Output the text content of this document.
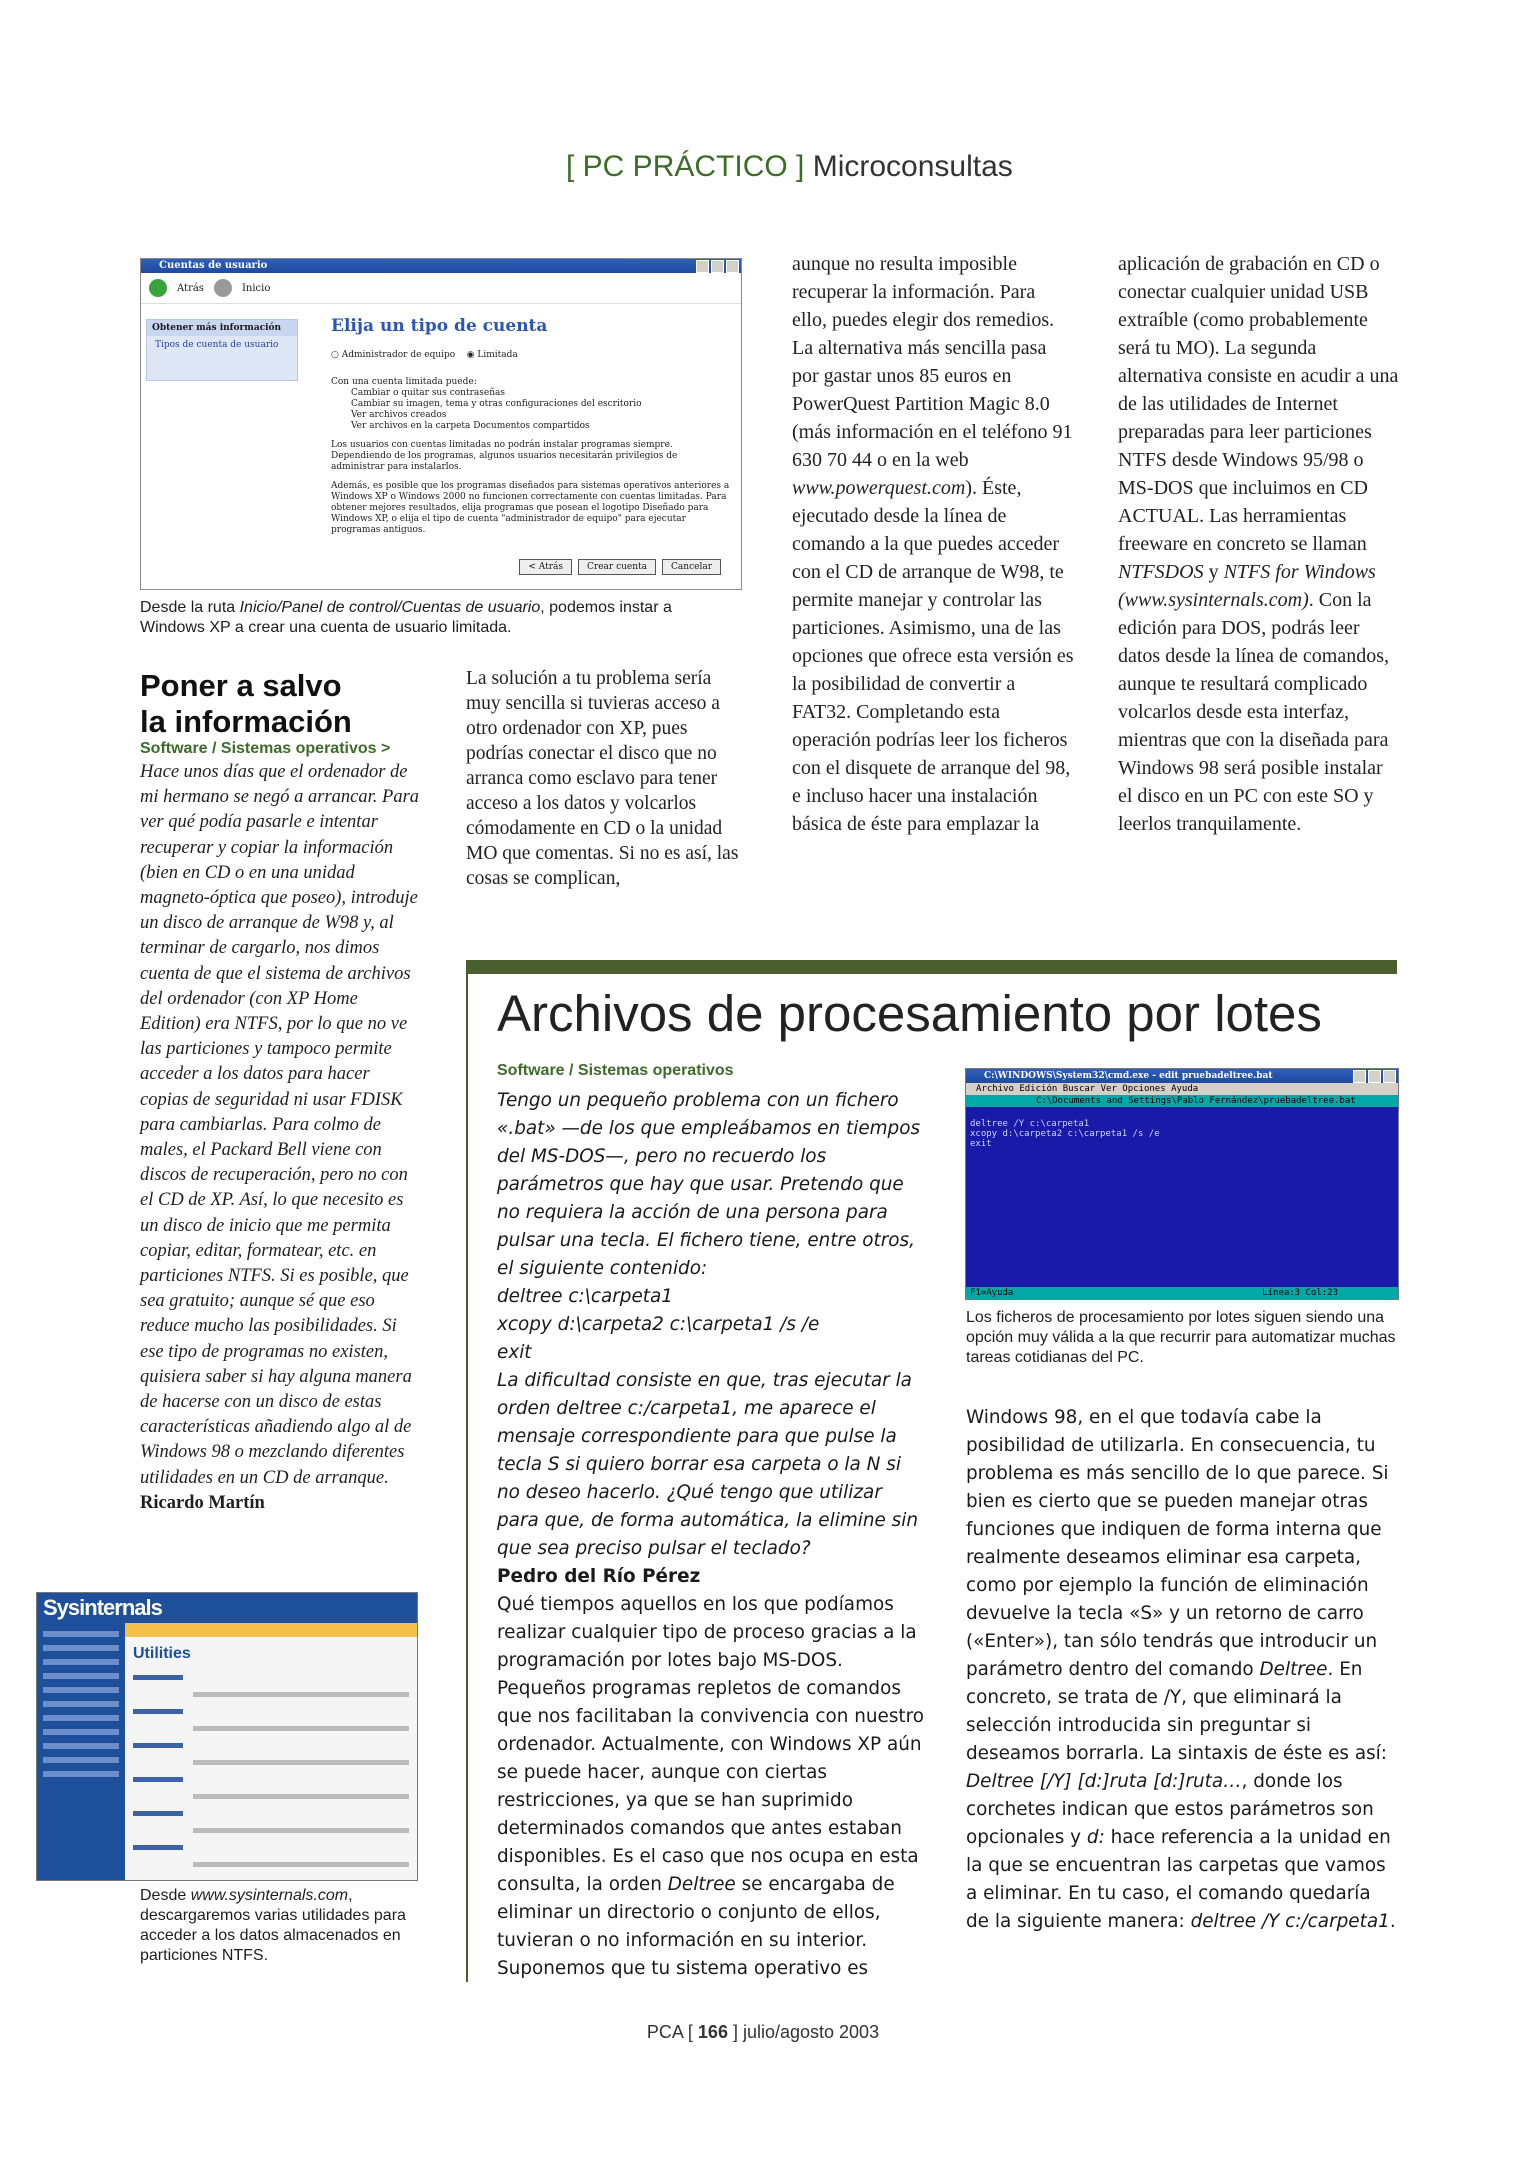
[ PC PRÁCTICO ] Microconsultas
Cuentas de usuario
Atrás	Inicio
Obtener más información
Tipos de cuenta de usuario
Elija un tipo de cuenta
○ Administrador de equipo    ◉ Limitada
Con una cuenta limitada puede:
Cambiar o quitar sus contraseñas
Cambiar su imagen, tema y otras configuraciones del escritorio
Ver archivos creados
Ver archivos en la carpeta Documentos compartidos
Los usuarios con cuentas limitadas no podrán instalar programas siempre. Dependiendo de los programas, algunos usuarios necesitarán privilegios de administrar para instalarlos.
Además, es posible que los programas diseñados para sistemas operativos anteriores a Windows XP o Windows 2000 no funcionen correctamente con cuentas limitadas. Para obtener mejores resultados, elija programas que posean el logotipo Diseñado para Windows XP, o elija el tipo de cuenta "administrador de equipo" para ejecutar programas antiguos.
< Atrás	Crear cuenta	Cancelar
Desde la ruta Inicio/Panel de control/Cuentas de usuario, podemos instar a Windows XP a crear una cuenta de usuario limitada.
Poner a salvo
la información
Software / Sistemas operativos >
Hace unos días que el ordenador de mi hermano se negó a arrancar. Para ver qué podía pasarle e intentar recuperar y copiar la información (bien en CD o en una unidad magneto-óptica que poseo), introduje un disco de arranque de W98 y, al terminar de cargarlo, nos dimos cuenta de que el sistema de archivos del ordenador (con XP Home Edition) era NTFS, por lo que no ve las particiones y tampoco permite acceder a los datos para hacer copias de seguridad ni usar FDISK para cambiarlas. Para colmo de males, el Packard Bell viene con discos de recuperación, pero no con el CD de XP. Así, lo que necesito es un disco de inicio que me permita copiar, editar, formatear, etc. en particiones NTFS. Si es posible, que sea gratuito; aunque sé que eso reduce mucho las posibilidades. Si ese tipo de programas no existen, quisiera saber si hay alguna manera de hacerse con un disco de estas características añadiendo algo al de Windows 98 o mezclando diferentes utilidades en un CD de arranque.
Ricardo Martín
La solución a tu problema sería muy sencilla si tuvieras acceso a otro ordenador con XP, pues podrías conectar el disco que no arranca como esclavo para tener acceso a los datos y volcarlos cómodamente en CD o la unidad MO que comentas. Si no es así, las cosas se complican,
aunque no resulta imposible recuperar la información. Para ello, puedes elegir dos remedios. La alternativa más sencilla pasa por gastar unos 85 euros en PowerQuest Partition Magic 8.0 (más información en el teléfono 91 630 70 44 o en la web www.powerquest.com). Éste, ejecutado desde la línea de comando a la que puedes acceder con el CD de arranque de W98, te permite manejar y controlar las particiones. Asimismo, una de las opciones que ofrece esta versión es la posibilidad de convertir a FAT32. Completando esta operación podrías leer los ficheros con el disquete de arranque del 98, e incluso hacer una instalación básica de éste para emplazar la
aplicación de grabación en CD o conectar cualquier unidad USB extraíble (como probablemente será tu MO). La segunda alternativa consiste en acudir a una de las utilidades de Internet preparadas para leer particiones NTFS desde Windows 95/98 o MS-DOS que incluimos en CD ACTUAL. Las herramientas freeware en concreto se llaman NTFSDOS y NTFS for Windows (www.sysinternals.com). Con la edición para DOS, podrás leer datos desde la línea de comandos, aunque te resultará complicado volcarlos desde esta interfaz, mientras que con la diseñada para Windows 98 será posible instalar el disco en un PC con este SO y leerlos tranquilamente.
Sysinternals
Utilities
Desde www.sysinternals.com, descargaremos varias utilidades para acceder a los datos almacenados en particiones NTFS.
Archivos de procesamiento por lotes
Software / Sistemas operativos
Tengo un pequeño problema con un fichero «.bat» —de los que empleábamos en tiempos del MS-DOS—, pero no recuerdo los parámetros que hay que usar. Pretendo que no requiera la acción de una persona para pulsar una tecla. El fichero tiene, entre otros, el siguiente contenido:
deltree c:\carpeta1
xcopy d:\carpeta2 c:\carpeta1 /s /e
exit
La dificultad consiste en que, tras ejecutar la orden deltree c:/carpeta1, me aparece el mensaje correspondiente para que pulse la tecla S si quiero borrar esa carpeta o la N si no deseo hacerlo. ¿Qué tengo que utilizar para que, de forma automática, la elimine sin que sea preciso pulsar el teclado?
Pedro del Río Pérez
Qué tiempos aquellos en los que podíamos realizar cualquier tipo de proceso gracias a la programación por lotes bajo MS-DOS. Pequeños programas repletos de comandos que nos facilitaban la convivencia con nuestro ordenador. Actualmente, con Windows XP aún se puede hacer, aunque con ciertas restricciones, ya que se han suprimido determinados comandos que antes estaban disponibles. Es el caso que nos ocupa en esta consulta, la orden Deltree se encargaba de eliminar un directorio o conjunto de ellos, tuvieran o no información en su interior. Suponemos que tu sistema operativo es
C:\WINDOWS\System32\cmd.exe - edit pruebadeltree.bat
Archivo Edición Buscar Ver Opciones Ayuda
C:\Documents and Settings\Pablo Fernández\pruebadeltree.bat
deltree /Y c:\carpeta1
xcopy d:\carpeta2 c:\carpeta1 /s /e
exit
F1=Ayuda	Línea:3 Col:23
Los ficheros de procesamiento por lotes siguen siendo una opción muy válida a la que recurrir para automatizar muchas tareas cotidianas del PC.
Windows 98, en el que todavía cabe la posibilidad de utilizarla. En consecuencia, tu problema es más sencillo de lo que parece. Si bien es cierto que se pueden manejar otras funciones que indiquen de forma interna que realmente deseamos eliminar esa carpeta, como por ejemplo la función de eliminación devuelve la tecla «S» y un retorno de carro («Enter»), tan sólo tendrás que introducir un parámetro dentro del comando Deltree. En concreto, se trata de /Y, que eliminará la selección introducida sin preguntar si deseamos borrarla. La sintaxis de éste es así:
Deltree [/Y] [d:]ruta [d:]ruta…, donde los corchetes indican que estos parámetros son opcionales y d: hace referencia a la unidad en la que se encuentran las carpetas que vamos a eliminar. En tu caso, el comando quedaría de la siguiente manera: deltree /Y c:/carpeta1.
PCA [ 166 ] julio/agosto 2003
